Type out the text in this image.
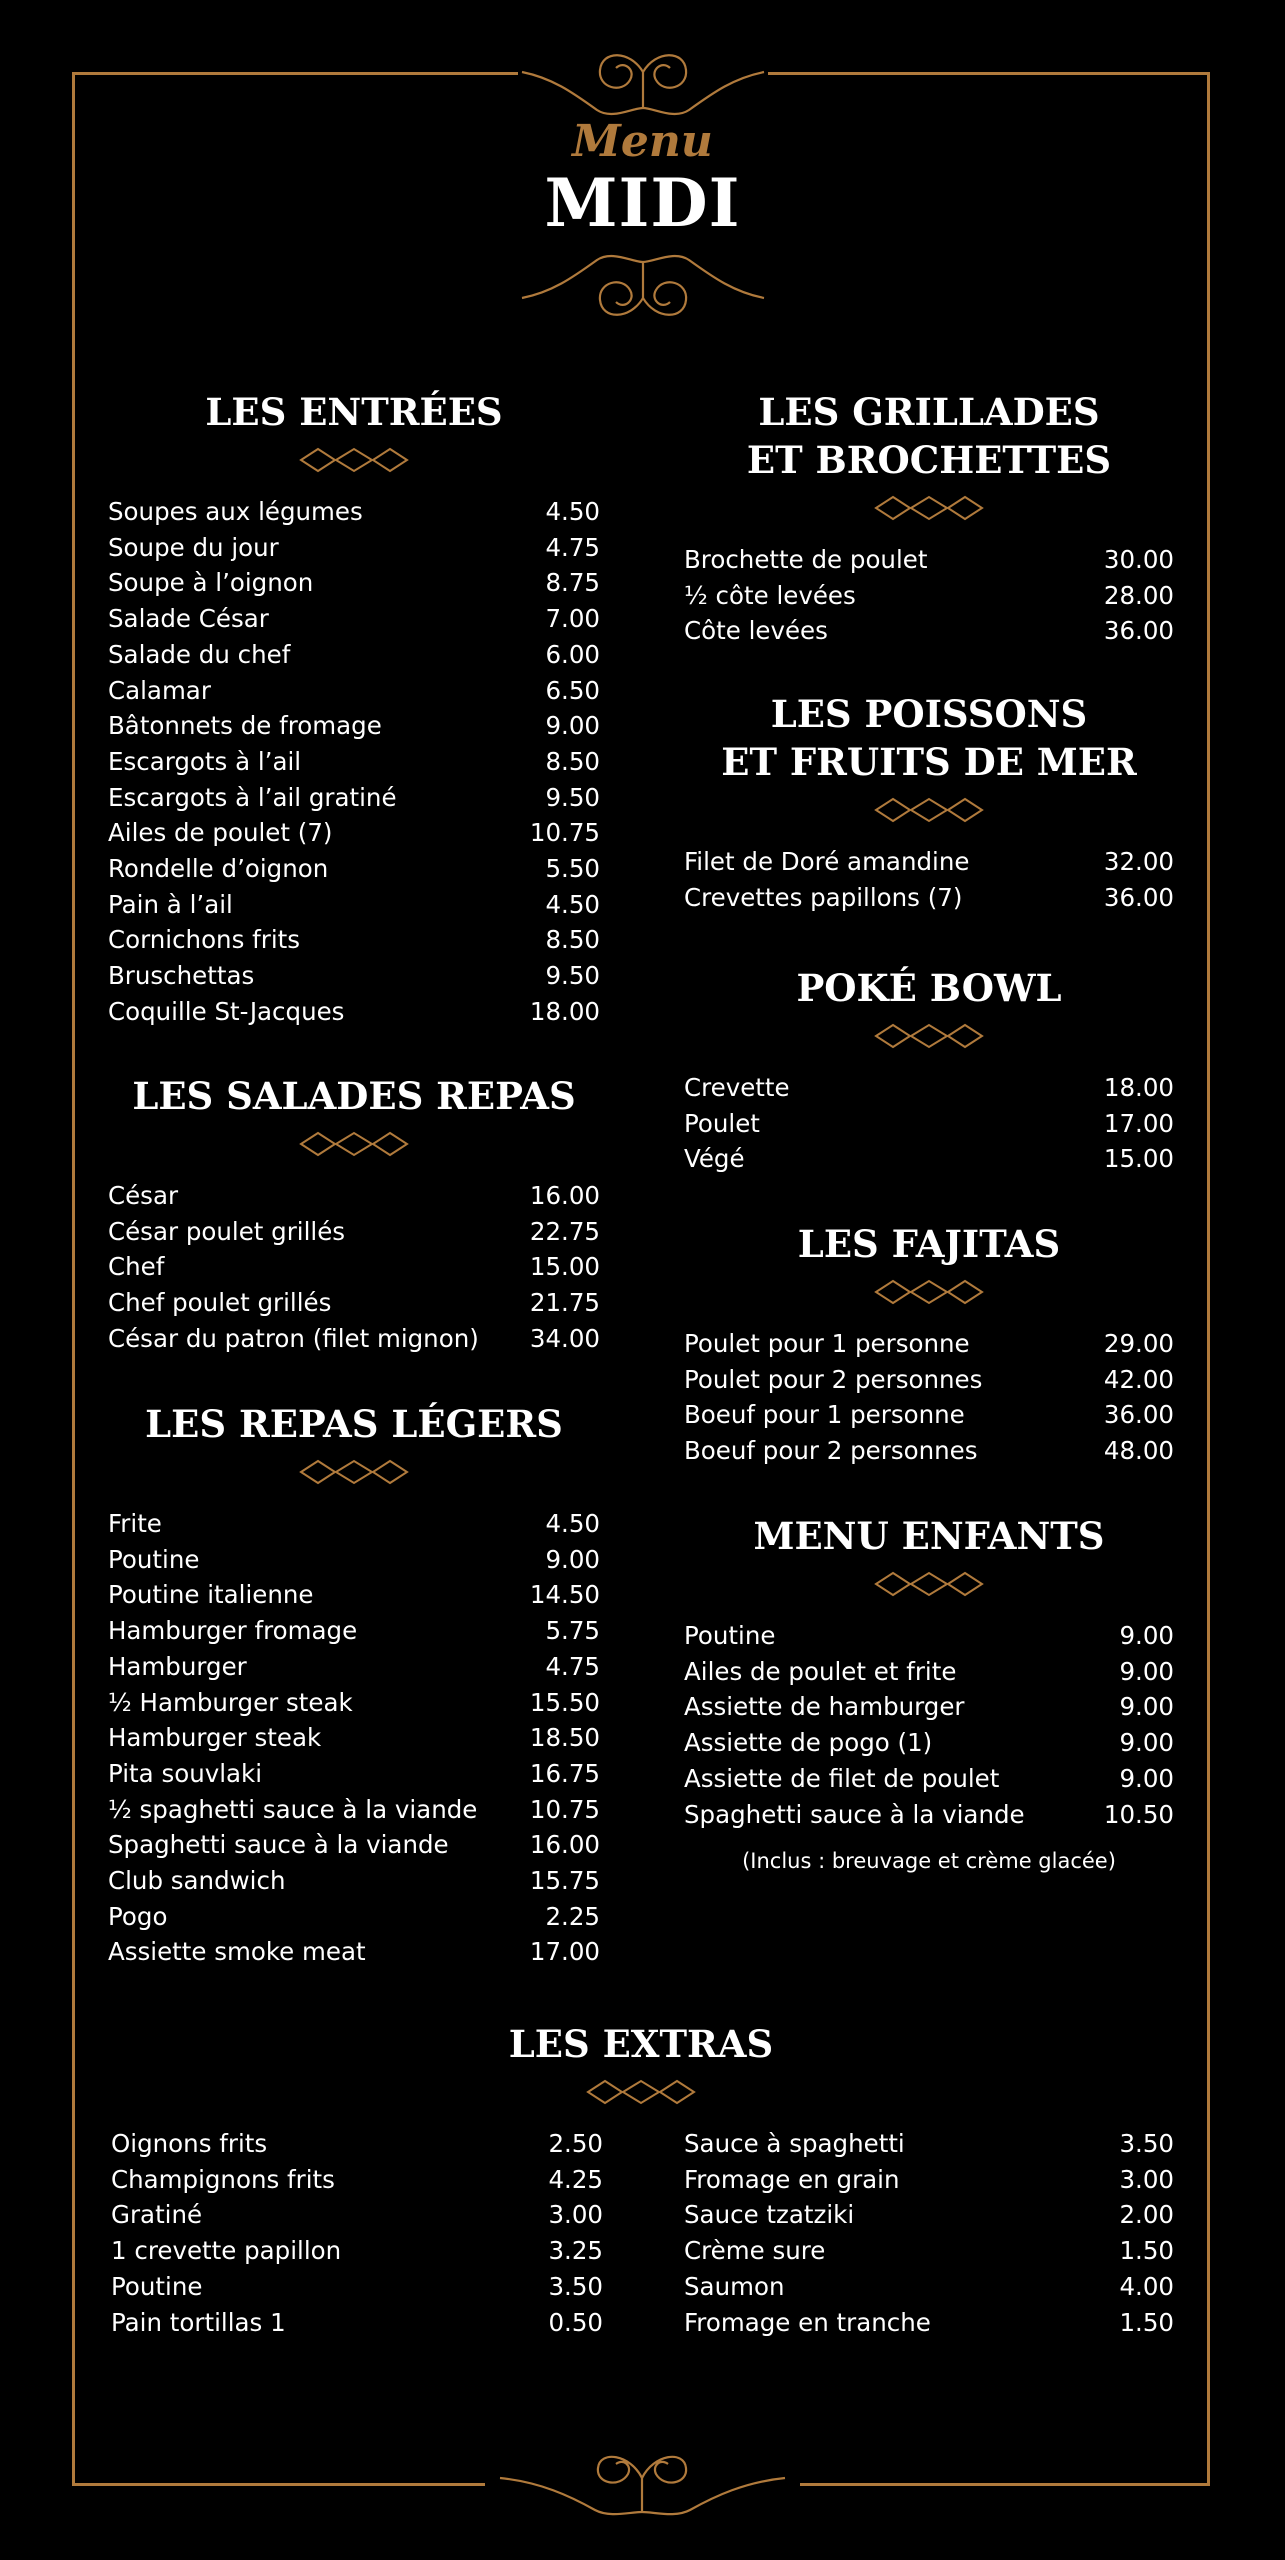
Menu
MIDI
LES ENTRÉES
Soupes aux légumes	4.50
Soupe du jour	4.75
Soupe à l’oignon	8.75
Salade César	7.00
Salade du chef	6.00
Calamar	6.50
Bâtonnets de fromage	9.00
Escargots à l’ail	8.50
Escargots à l’ail gratiné	9.50
Ailes de poulet (7)	10.75
Rondelle d’oignon	5.50
Pain à l’ail	4.50
Cornichons frits	8.50
Bruschettas	9.50
Coquille St-Jacques	18.00
LES SALADES REPAS
César	16.00
César poulet grillés	22.75
Chef	15.00
Chef poulet grillés	21.75
César du patron (filet mignon) 34.00
LES REPAS LÉGERS
Frite	4.50
Poutine	9.00
Poutine italienne	14.50
Hamburger fromage	5.75
Hamburger	4.75
½ Hamburger steak	15.50
Hamburger steak	18.50
Pita souvlaki	16.75
½ spaghetti sauce à la viande 10.75
Spaghetti sauce à la viande	16.00
Club sandwich	15.75
Pogo	2.25
Assiette smoke meat	17.00
LES GRILLADES
ET BROCHETTES
Brochette de poulet	30.00
½ côte levées	28.00
Côte levées	36.00
LES POISSONS
ET FRUITS DE MER
Filet de Doré amandine	32.00
Crevettes papillons (7)	36.00
POKÉ BOWL
Crevette	18.00
Poulet	17.00
Végé	15.00
LES FAJITAS
Poulet pour 1 personne	29.00
Poulet pour 2 personnes	42.00
Boeuf pour 1 personne	36.00
Boeuf pour 2 personnes	48.00
MENU ENFANTS
Poutine	9.00
Ailes de poulet et frite	9.00
Assiette de hamburger	9.00
Assiette de pogo (1)	9.00
Assiette de filet de poulet	9.00
Spaghetti sauce à la viande	10.50
(Inclus : breuvage et crème glacée)
LES EXTRAS
Oignons frits	2.50
Champignons frits	4.25
Gratiné	3.00
1 crevette papillon	3.25
Poutine	3.50
Pain tortillas 1	0.50
Sauce à spaghetti	3.50
Fromage en grain	3.00
Sauce tzatziki	2.00
Crème sure	1.50
Saumon	4.00
Fromage en tranche	1.50
